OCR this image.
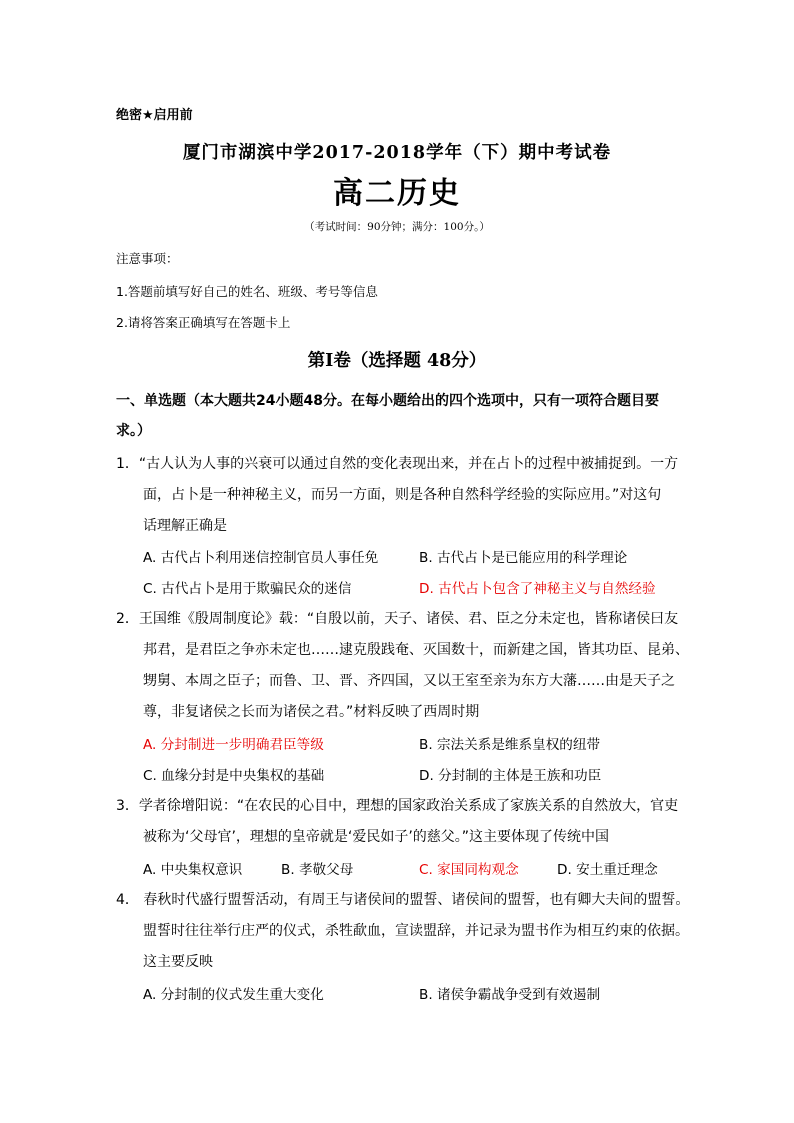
绝密★启用前
厦门市湖滨中学2017-2018学年（下）期中考试卷
高二历史
（考试时间：90分钟；满分：100分。）
注意事项：
1.答题前填写好自己的姓名、班级、考号等信息
2.请将答案正确填写在答题卡上
第I卷（选择题 48分）
一、单选题（本大题共24小题48分。在每小题给出的四个选项中，只有一项符合题目要
求。）
1．“古人认为人事的兴衰可以通过自然的变化表现出来，并在占卜的过程中被捕捉到。一方
面，占卜是一种神秘主义，而另一方面，则是各种自然科学经验的实际应用。”对这句
话理解正确是
A. 古代占卜利用迷信控制官员人事任免	B. 古代占卜是已能应用的科学理论
C. 古代占卜是用于欺骗民众的迷信	D. 古代占卜包含了神秘主义与自然经验
2．王国维《殷周制度论》载：“自殷以前，天子、诸侯、君、臣之分未定也，皆称诸侯曰友
邦君，是君臣之争亦未定也……逮克殷践奄、灭国数十，而新建之国，皆其功臣、昆弟、
甥舅、本周之臣子；而鲁、卫、晋、齐四国，又以王室至亲为东方大藩……由是天子之
尊，非复诸侯之长而为诸侯之君。”材料反映了西周时期
A. 分封制进一步明确君臣等级	B. 宗法关系是维系皇权的纽带
C. 血缘分封是中央集权的基础	D. 分封制的主体是王族和功臣
3．学者徐增阳说：“在农民的心目中，理想的国家政治关系成了家族关系的自然放大，官吏
被称为‘父母官’，理想的皇帝就是‘爱民如子’的慈父。”这主要体现了传统中国
A. 中央集权意识	B. 孝敬父母	C. 家国同构观念	D. 安土重迁理念
4． 春秋时代盛行盟誓活动，有周王与诸侯间的盟誓、诸侯间的盟誓，也有卿大夫间的盟誓。
盟誓时往往举行庄严的仪式，杀牲歃血，宣读盟辞，并记录为盟书作为相互约束的依据。
这主要反映
A. 分封制的仪式发生重大变化	B. 诸侯争霸战争受到有效遏制
